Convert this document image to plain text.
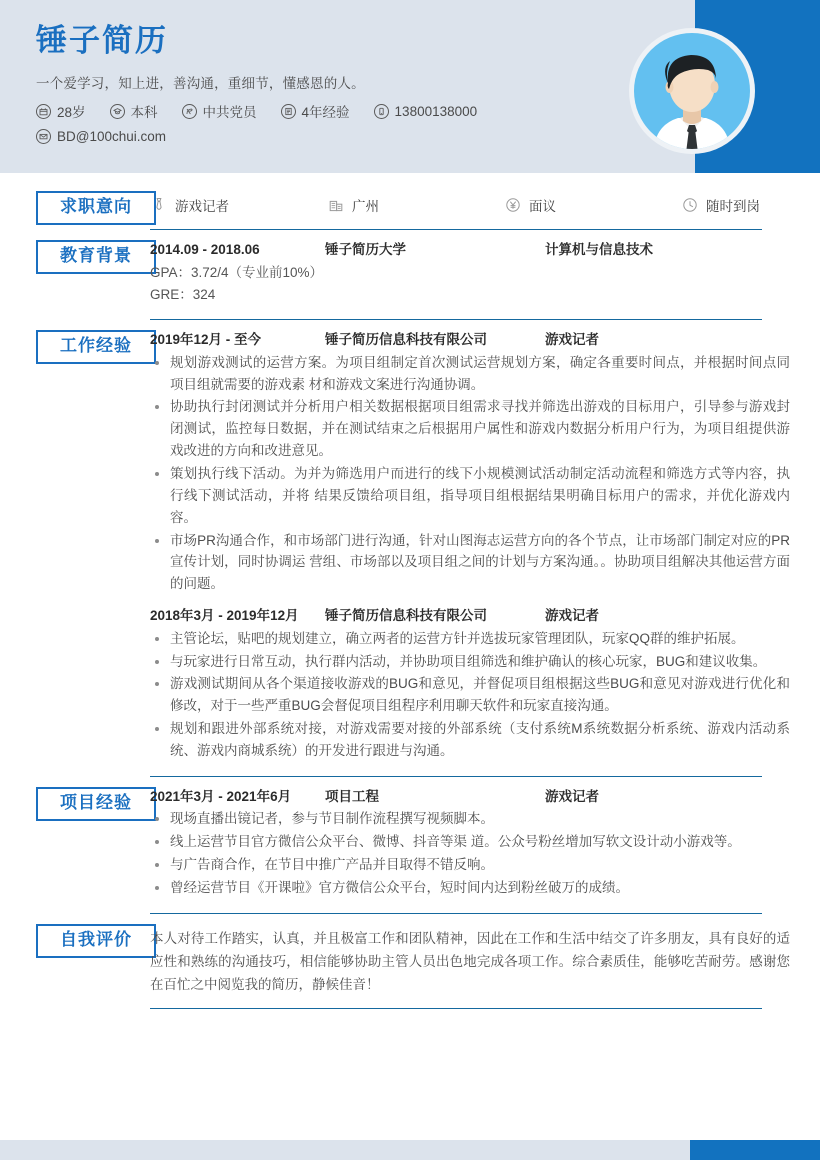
锤子简历
一个爱学习，知上进，善沟通，重细节，懂感恩的人。
28岁	本科	中共党员	4年经验	13800138000
BD@100chui.com
求职意向	游戏记者	广州	面议	随时到岗
教育背景	2014.09 - 2018.06	锤子简历大学	计算机与信息技术
GPA：3.72/4（专业前10%）
GRE：324
工作经验	2019年12月 - 至今	锤子简历信息科技有限公司	游戏记者
规划游戏测试的运营方案。为项目组制定首次测试运营规划方案，确定各重要时间点，并根据时间点同项目组就需要的游戏素 材和游戏文案进行沟通协调。
协助执行封闭测试并分析用户相关数据根据项目组需求寻找并筛选出游戏的目标用户，引导参与游戏封闭测试，监控每日数据，并在测试结束之后根据用户属性和游戏内数据分析用户行为，为项目组提供游戏改进的方向和改进意见。
策划执行线下活动。为并为筛选用户而进行的线下小规模测试活动制定活动流程和筛选方式等内容，执行线下测试活动，并将 结果反馈给项目组，指导项目组根据结果明确目标用户的需求，并优化游戏内容。
市场PR沟通合作，和市场部门进行沟通，针对山图海志运营方向的各个节点，让市场部门制定对应的PR宣传计划，同时协调运 营组、市场部以及项目组之间的计划与方案沟通。。协助项目组解决其他运营方面的问题。
2018年3月 - 2019年12月	锤子简历信息科技有限公司	游戏记者
主管论坛，贴吧的规划建立，确立两者的运营方针并选拔玩家管理团队，玩家QQ群的维护拓展。
与玩家进行日常互动，执行群内活动，并协助项目组筛选和维护确认的核心玩家，BUG和建议收集。
游戏测试期间从各个渠道接收游戏的BUG和意见，并督促项目组根据这些BUG和意见对游戏进行优化和修改，对于一些严重BUG会督促项目组程序利用聊天软件和玩家直接沟通。
规划和跟进外部系统对接，对游戏需要对接的外部系统（支付系统M系统数据分析系统、游戏内活动系统、游戏内商城系统）的开发进行跟进与沟通。
项目经验	2021年3月 - 2021年6月	项目工程	游戏记者
现场直播出镜记者，参与节目制作流程撰写视频脚本。
线上运营节目官方微信公众平台、微博、抖音等渠 道。公众号粉丝增加写软文设计动小游戏等。
与广告商合作，在节目中推广产品并目取得不错反响。
曾经运营节目《开课啦》官方微信公众平台，短时间内达到粉丝破万的成绩。
自我评价	本人对待工作踏实，认真，并且极富工作和团队精神，因此在工作和生活中结交了许多朋友，具有良好的适应性和熟练的沟通技巧，相信能够协助主管人员出色地完成各项工作。综合素质佳，能够吃苦耐劳。感谢您在百忙之中阅览我的简历，静候佳音！
